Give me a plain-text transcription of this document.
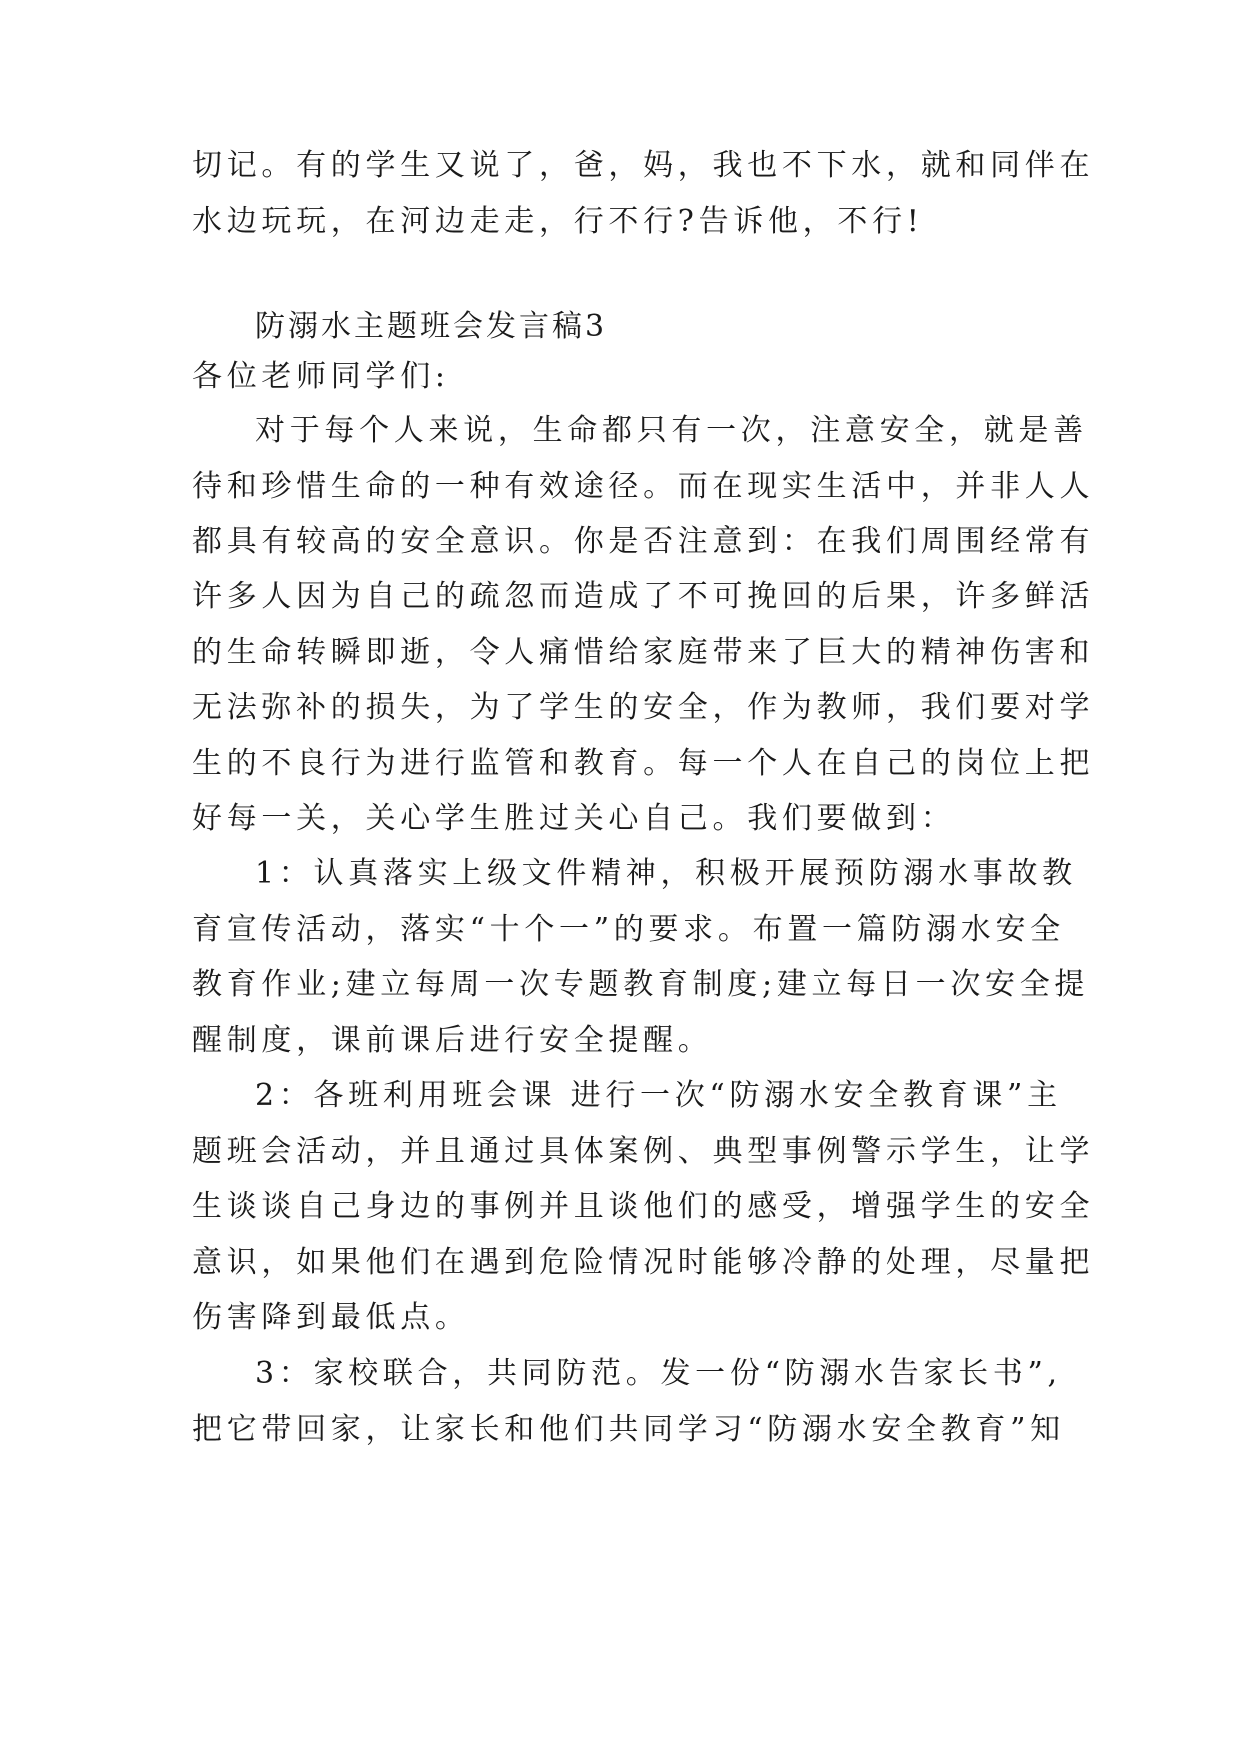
切记。有的学生又说了，爸，妈，我也不下水，就和同伴在
水边玩玩，在河边走走，行不行?告诉他，不行!
防溺水主题班会发言稿3
各位老师同学们:
对于每个人来说，生命都只有一次，注意安全，就是善
待和珍惜生命的一种有效途径。而在现实生活中，并非人人
都具有较高的安全意识。你是否注意到：在我们周围经常有
许多人因为自己的疏忽而造成了不可挽回的后果，许多鲜活
的生命转瞬即逝，令人痛惜给家庭带来了巨大的精神伤害和
无法弥补的损失，为了学生的安全，作为教师，我们要对学
生的不良行为进行监管和教育。每一个人在自己的岗位上把
好每一关，关心学生胜过关心自己。我们要做到：
1：认真落实上级文件精神，积极开展预防溺水事故教
育宣传活动，落实“十个一”的要求。布置一篇防溺水安全
教育作业;建立每周一次专题教育制度;建立每日一次安全提
醒制度，课前课后进行安全提醒。
2：各班利用班会课 进行一次“防溺水安全教育课”主
题班会活动，并且通过具体案例、典型事例警示学生，让学
生谈谈自己身边的事例并且谈他们的感受，增强学生的安全
意识，如果他们在遇到危险情况时能够冷静的处理，尽量把
伤害降到最低点。
3：家校联合，共同防范。发一份“防溺水告家长书”,
把它带回家，让家长和他们共同学习“防溺水安全教育”知
